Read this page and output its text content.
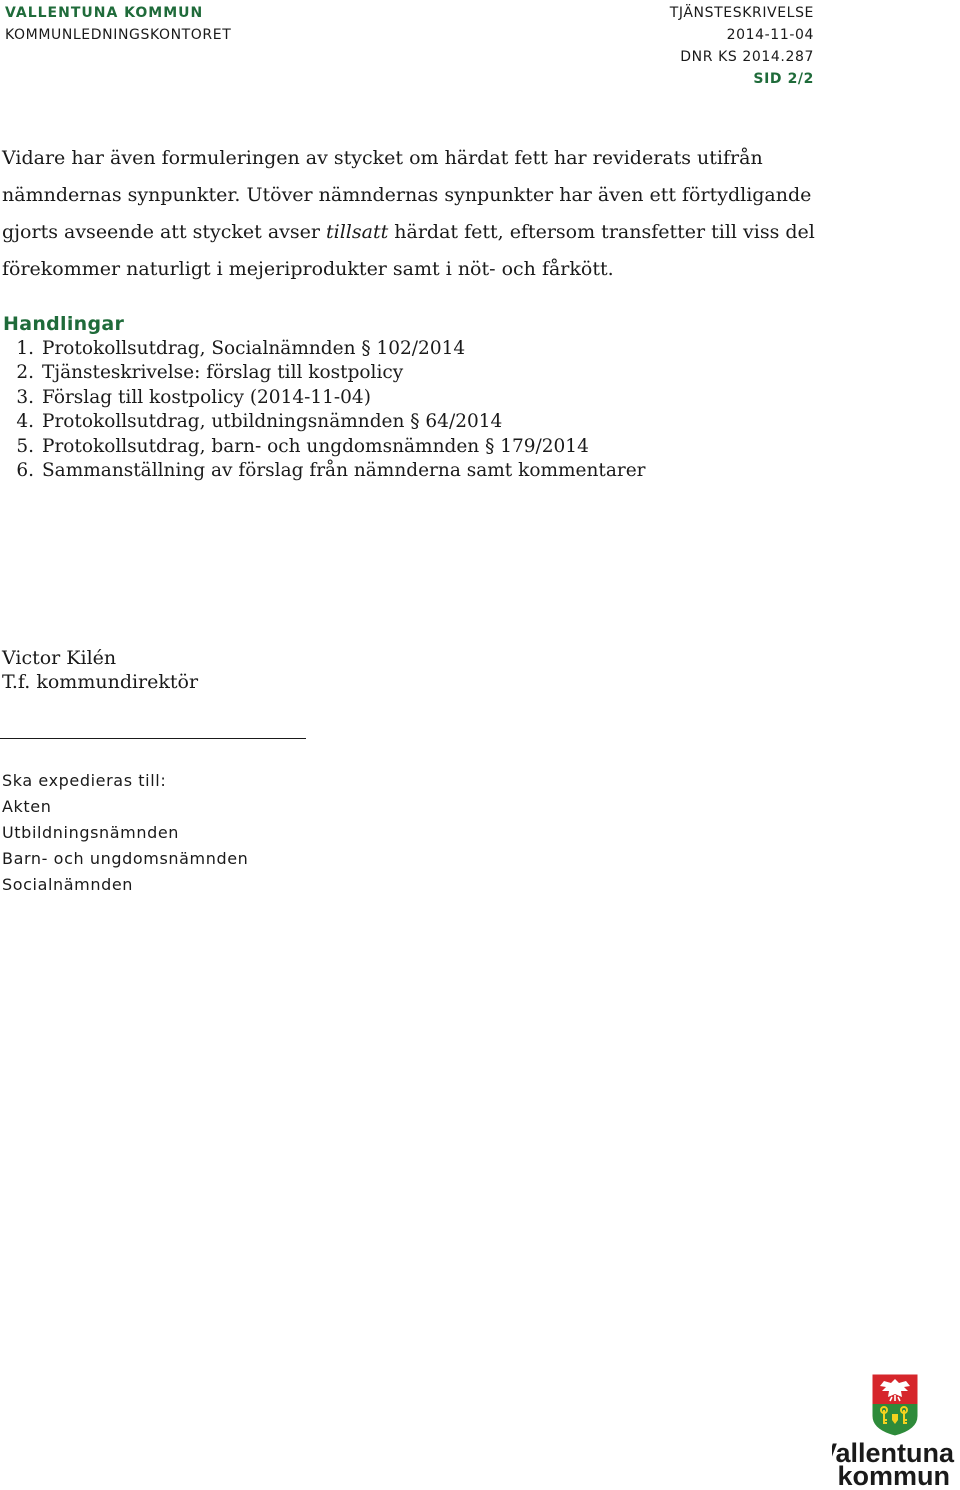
VALLENTUNA KOMMUN
KOMMUNLEDNINGSKONTORET
TJÄNSTESKRIVELSE
2014-11-04
DNR KS 2014.287
SID 2/2

Vidare har även formuleringen av stycket om härdat fett har reviderats utifrån

nämndernas synpunkter. Utöver nämndernas synpunkter har även ett förtydligande

gjorts avseende att stycket avser tillsatt härdat fett, eftersom transfetter till viss del

förekommer naturligt i mejeriprodukter samt i nöt- och fårkött.

Handlingar
1. Protokollsutdrag, Socialnämnden § 102/2014
2. Tjänsteskrivelse: förslag till kostpolicy
3. Förslag till kostpolicy (2014-11-04)
4. Protokollsutdrag, utbildningsnämnden § 64/2014
5. Protokollsutdrag, barn- och ungdomsnämnden § 179/2014
6. Sammanställning av förslag från nämnderna samt kommentarer
Victor Kilén
T.f. kommundirektör
Ska expedieras till:
Akten
Utbildningsnämnden
Barn- och ungdomsnämnden
Socialnämnden
Vallentuna
kommun
